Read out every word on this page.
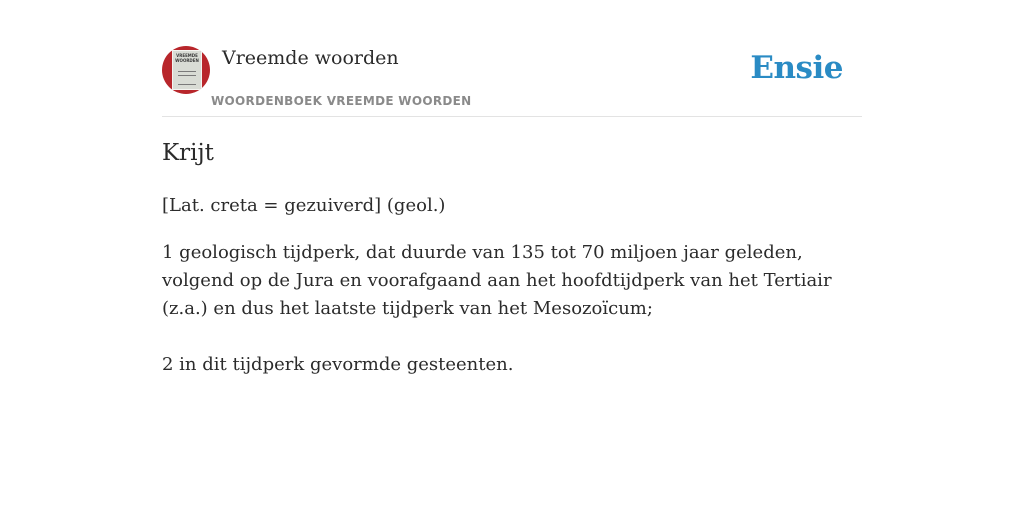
VREEMDE WOORDEN Vreemde woorden
WOORDENBOEK VREEMDE WOORDEN
Ensie
Krijt
[Lat. creta = gezuiverd] (geol.)

1 geologisch tijdperk, dat duurde van 135 tot 70 miljoen jaar geleden, volgend op de Jura en voorafgaand aan het hoofdtijdperk van het Tertiair (z.a.) en dus het laatste tijdperk van het Mesozoïcum;

2 in dit tijdperk gevormde gesteenten.
